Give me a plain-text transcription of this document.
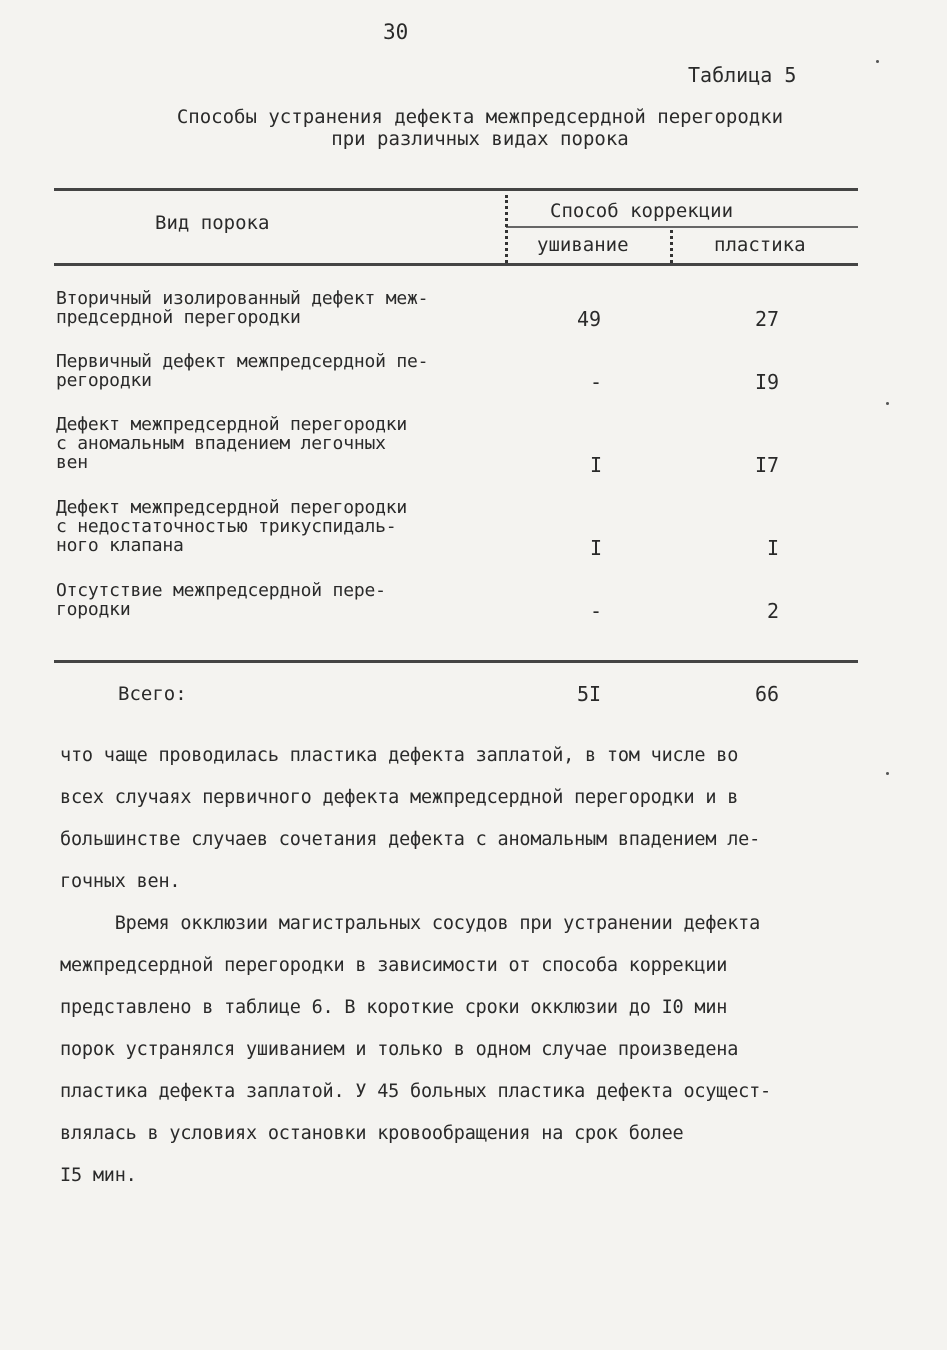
30
Таблица 5
Способы устранения дефекта межпредсердной перегородки
при различных видах порока
Вид порока
Способ коррекции
ушивание	пластика
Вторичный изолированный дефект меж-
предсердной перегородки	49	27
Первичный дефект межпредсердной пе-
регородки	-	I9
Дефект межпредсердной перегородки
с аномальным впадением легочных
вен	I	I7
Дефект межпредсердной перегородки
с недостаточностью трикуспидаль-
ного клапана	I	I
Отсутствие межпредсердной пере-
городки	-	2
Всего:	5I	66
что чаще проводилась пластика дефекта заплатой, в том числе во
всех случаях первичного дефекта межпредсердной перегородки и в
большинстве случаев сочетания дефекта с аномальным впадением ле-
гочных вен.
Время окклюзии магистральных сосудов при устранении дефекта
межпредсердной перегородки в зависимости от способа коррекции
представлено в таблице 6. В короткие сроки окклюзии до I0 мин
порок устранялся ушиванием и только в одном случае произведена
пластика дефекта заплатой. У 45 больных пластика дефекта осущест-
влялась в условиях остановки кровообращения на срок более
I5 мин.
